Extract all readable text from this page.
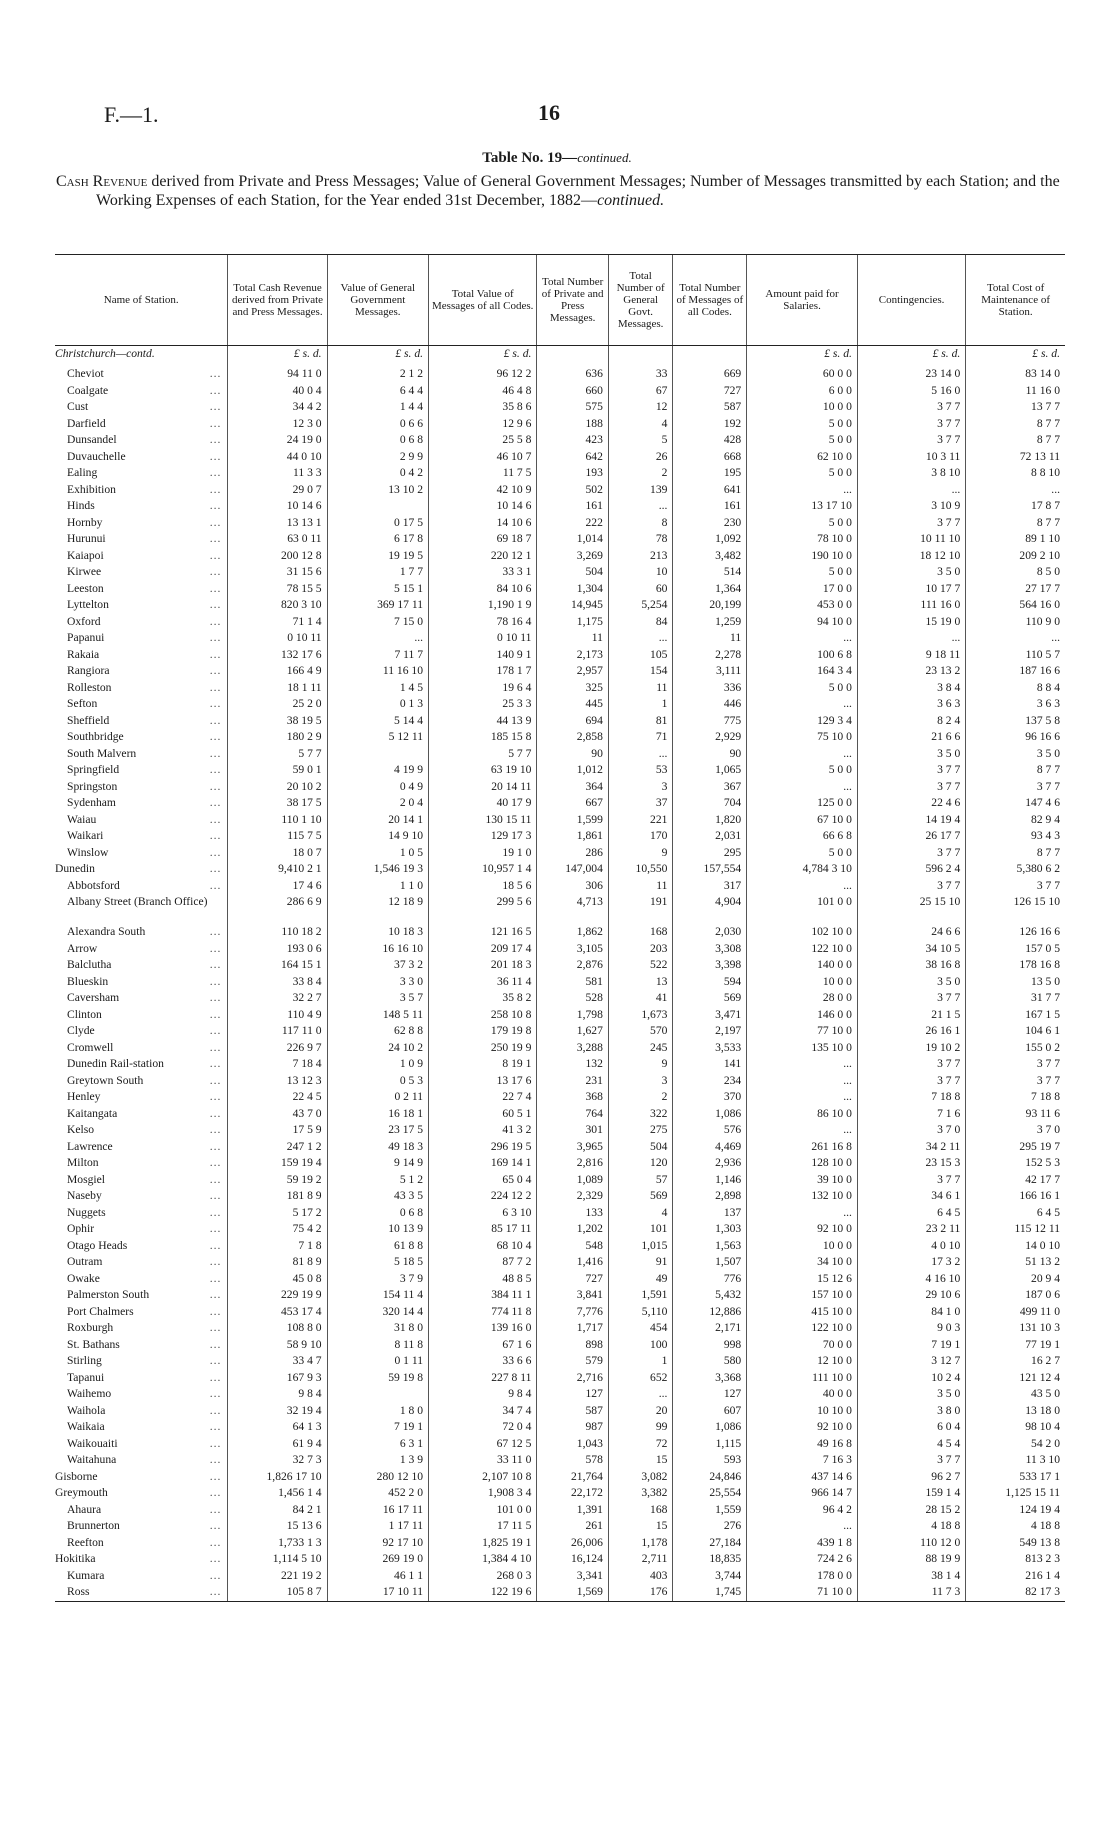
F.—1.	16
Table No. 19—continued.
Cash Revenue derived from Private and Press Messages; Value of General Government Messages; Number of Messages transmitted by each Station; and the Working Expenses of each Station, for the Year ended 31st December, 1882—continued.
Name of Station.	Total Cash Revenue derived from Private and Press Messages.	Value of General Government Messages.	Total Value of Messages of all Codes.	Total Number of Private and Press Messages.	Total Number of General Govt. Messages.	Total Number of Messages of all Codes.	Amount paid for Salaries.	Contingencies.	Total Cost of Maintenance of Station.
Christchurch—contd.	£ s. d.	£ s. d.	£ s. d.				£ s. d.	£ s. d.	£ s. d.

...
Cheviot	94 11 0	2 1 2	96 12 2	636	33	669	60 0 0	23 14 0	83 14 0

...
Coalgate	40 0 4	6 4 4	46 4 8	660	67	727	6 0 0	5 16 0	11 16 0

...
Cust	34 4 2	1 4 4	35 8 6	575	12	587	10 0 0	3 7 7	13 7 7

...
Darfield	12 3 0	0 6 6	12 9 6	188	4	192	5 0 0	3 7 7	8 7 7

...
Dunsandel	24 19 0	0 6 8	25 5 8	423	5	428	5 0 0	3 7 7	8 7 7

...
Duvauchelle	44 0 10	2 9 9	46 10 7	642	26	668	62 10 0	10 3 11	72 13 11

...
Ealing	11 3 3	0 4 2	11 7 5	193	2	195	5 0 0	3 8 10	8 8 10

...
Exhibition	29 0 7	13 10 2	42 10 9	502	139	641	...	...	...

...
Hinds	10 14 6		10 14 6	161	...	161	13 17 10	3 10 9	17 8 7

...
Hornby	13 13 1	0 17 5	14 10 6	222	8	230	5 0 0	3 7 7	8 7 7

...
Hurunui	63 0 11	6 17 8	69 18 7	1,014	78	1,092	78 10 0	10 11 10	89 1 10

...
Kaiapoi	200 12 8	19 19 5	220 12 1	3,269	213	3,482	190 10 0	18 12 10	209 2 10

...
Kirwee	31 15 6	1 7 7	33 3 1	504	10	514	5 0 0	3 5 0	8 5 0

...
Leeston	78 15 5	5 15 1	84 10 6	1,304	60	1,364	17 0 0	10 17 7	27 17 7

...
Lyttelton	820 3 10	369 17 11	1,190 1 9	14,945	5,254	20,199	453 0 0	111 16 0	564 16 0

...
Oxford	71 1 4	7 15 0	78 16 4	1,175	84	1,259	94 10 0	15 19 0	110 9 0

...
Papanui	0 10 11	...	0 10 11	11	...	11	...	...	...

...
Rakaia	132 17 6	7 11 7	140 9 1	2,173	105	2,278	100 6 8	9 18 11	110 5 7

...
Rangiora	166 4 9	11 16 10	178 1 7	2,957	154	3,111	164 3 4	23 13 2	187 16 6

...
Rolleston	18 1 11	1 4 5	19 6 4	325	11	336	5 0 0	3 8 4	8 8 4

...
Sefton	25 2 0	0 1 3	25 3 3	445	1	446	...	3 6 3	3 6 3

...
Sheffield	38 19 5	5 14 4	44 13 9	694	81	775	129 3 4	8 2 4	137 5 8

...
Southbridge	180 2 9	5 12 11	185 15 8	2,858	71	2,929	75 10 0	21 6 6	96 16 6

...
South Malvern	5 7 7		5 7 7	90	...	90	...	3 5 0	3 5 0

...
Springfield	59 0 1	4 19 9	63 19 10	1,012	53	1,065	5 0 0	3 7 7	8 7 7

...
Springston	20 10 2	0 4 9	20 14 11	364	3	367	...	3 7 7	3 7 7

...
Sydenham	38 17 5	2 0 4	40 17 9	667	37	704	125 0 0	22 4 6	147 4 6

...
Waiau	110 1 10	20 14 1	130 15 11	1,599	221	1,820	67 10 0	14 19 4	82 9 4

...
Waikari	115 7 5	14 9 10	129 17 3	1,861	170	2,031	66 6 8	26 17 7	93 4 3

...
Winslow	18 0 7	1 0 5	19 1 0	286	9	295	5 0 0	3 7 7	8 7 7

...
Dunedin	9,410 2 1	1,546 19 3	10,957 1 4	147,004	10,550	157,554	4,784 3 10	596 2 4	5,380 6 2

...
Abbotsford	17 4 6	1 1 0	18 5 6	306	11	317	...	3 7 7	3 7 7
Albany Street (Branch Office)	286 6 9	12 18 9	299 5 6	4,713	191	4,904	101 0 0	25 15 10	126 15 10

...
Alexandra South	110 18 2	10 18 3	121 16 5	1,862	168	2,030	102 10 0	24 6 6	126 16 6

...
Arrow	193 0 6	16 16 10	209 17 4	3,105	203	3,308	122 10 0	34 10 5	157 0 5

...
Balclutha	164 15 1	37 3 2	201 18 3	2,876	522	3,398	140 0 0	38 16 8	178 16 8

...
Blueskin	33 8 4	3 3 0	36 11 4	581	13	594	10 0 0	3 5 0	13 5 0

...
Caversham	32 2 7	3 5 7	35 8 2	528	41	569	28 0 0	3 7 7	31 7 7

...
Clinton	110 4 9	148 5 11	258 10 8	1,798	1,673	3,471	146 0 0	21 1 5	167 1 5

...
Clyde	117 11 0	62 8 8	179 19 8	1,627	570	2,197	77 10 0	26 16 1	104 6 1

...
Cromwell	226 9 7	24 10 2	250 19 9	3,288	245	3,533	135 10 0	19 10 2	155 0 2

...
Dunedin Rail-station	7 18 4	1 0 9	8 19 1	132	9	141	...	3 7 7	3 7 7

...
Greytown South	13 12 3	0 5 3	13 17 6	231	3	234	...	3 7 7	3 7 7

...
Henley	22 4 5	0 2 11	22 7 4	368	2	370	...	7 18 8	7 18 8

...
Kaitangata	43 7 0	16 18 1	60 5 1	764	322	1,086	86 10 0	7 1 6	93 11 6

...
Kelso	17 5 9	23 17 5	41 3 2	301	275	576	...	3 7 0	3 7 0

...
Lawrence	247 1 2	49 18 3	296 19 5	3,965	504	4,469	261 16 8	34 2 11	295 19 7

...
Milton	159 19 4	9 14 9	169 14 1	2,816	120	2,936	128 10 0	23 15 3	152 5 3

...
Mosgiel	59 19 2	5 1 2	65 0 4	1,089	57	1,146	39 10 0	3 7 7	42 17 7

...
Naseby	181 8 9	43 3 5	224 12 2	2,329	569	2,898	132 10 0	34 6 1	166 16 1

...
Nuggets	5 17 2	0 6 8	6 3 10	133	4	137	...	6 4 5	6 4 5

...
Ophir	75 4 2	10 13 9	85 17 11	1,202	101	1,303	92 10 0	23 2 11	115 12 11

...
Otago Heads	7 1 8	61 8 8	68 10 4	548	1,015	1,563	10 0 0	4 0 10	14 0 10

...
Outram	81 8 9	5 18 5	87 7 2	1,416	91	1,507	34 10 0	17 3 2	51 13 2

...
Owake	45 0 8	3 7 9	48 8 5	727	49	776	15 12 6	4 16 10	20 9 4

...
Palmerston South	229 19 9	154 11 4	384 11 1	3,841	1,591	5,432	157 10 0	29 10 6	187 0 6

...
Port Chalmers	453 17 4	320 14 4	774 11 8	7,776	5,110	12,886	415 10 0	84 1 0	499 11 0

...
Roxburgh	108 8 0	31 8 0	139 16 0	1,717	454	2,171	122 10 0	9 0 3	131 10 3

...
St. Bathans	58 9 10	8 11 8	67 1 6	898	100	998	70 0 0	7 19 1	77 19 1

...
Stirling	33 4 7	0 1 11	33 6 6	579	1	580	12 10 0	3 12 7	16 2 7

...
Tapanui	167 9 3	59 19 8	227 8 11	2,716	652	3,368	111 10 0	10 2 4	121 12 4

...
Waihemo	9 8 4		9 8 4	127	...	127	40 0 0	3 5 0	43 5 0

...
Waihola	32 19 4	1 8 0	34 7 4	587	20	607	10 10 0	3 8 0	13 18 0

...
Waikaia	64 1 3	7 19 1	72 0 4	987	99	1,086	92 10 0	6 0 4	98 10 4

...
Waikouaiti	61 9 4	6 3 1	67 12 5	1,043	72	1,115	49 16 8	4 5 4	54 2 0

...
Waitahuna	32 7 3	1 3 9	33 11 0	578	15	593	7 16 3	3 7 7	11 3 10

...
Gisborne	1,826 17 10	280 12 10	2,107 10 8	21,764	3,082	24,846	437 14 6	96 2 7	533 17 1

...
Greymouth	1,456 1 4	452 2 0	1,908 3 4	22,172	3,382	25,554	966 14 7	159 1 4	1,125 15 11

...
Ahaura	84 2 1	16 17 11	101 0 0	1,391	168	1,559	96 4 2	28 15 2	124 19 4

...
Brunnerton	15 13 6	1 17 11	17 11 5	261	15	276	...	4 18 8	4 18 8

...
Reefton	1,733 1 3	92 17 10	1,825 19 1	26,006	1,178	27,184	439 1 8	110 12 0	549 13 8

...
Hokitika	1,114 5 10	269 19 0	1,384 4 10	16,124	2,711	18,835	724 2 6	88 19 9	813 2 3

...
Kumara	221 19 2	46 1 1	268 0 3	3,341	403	3,744	178 0 0	38 1 4	216 1 4

...
Ross	105 8 7	17 10 11	122 19 6	1,569	176	1,745	71 10 0	11 7 3	82 17 3
